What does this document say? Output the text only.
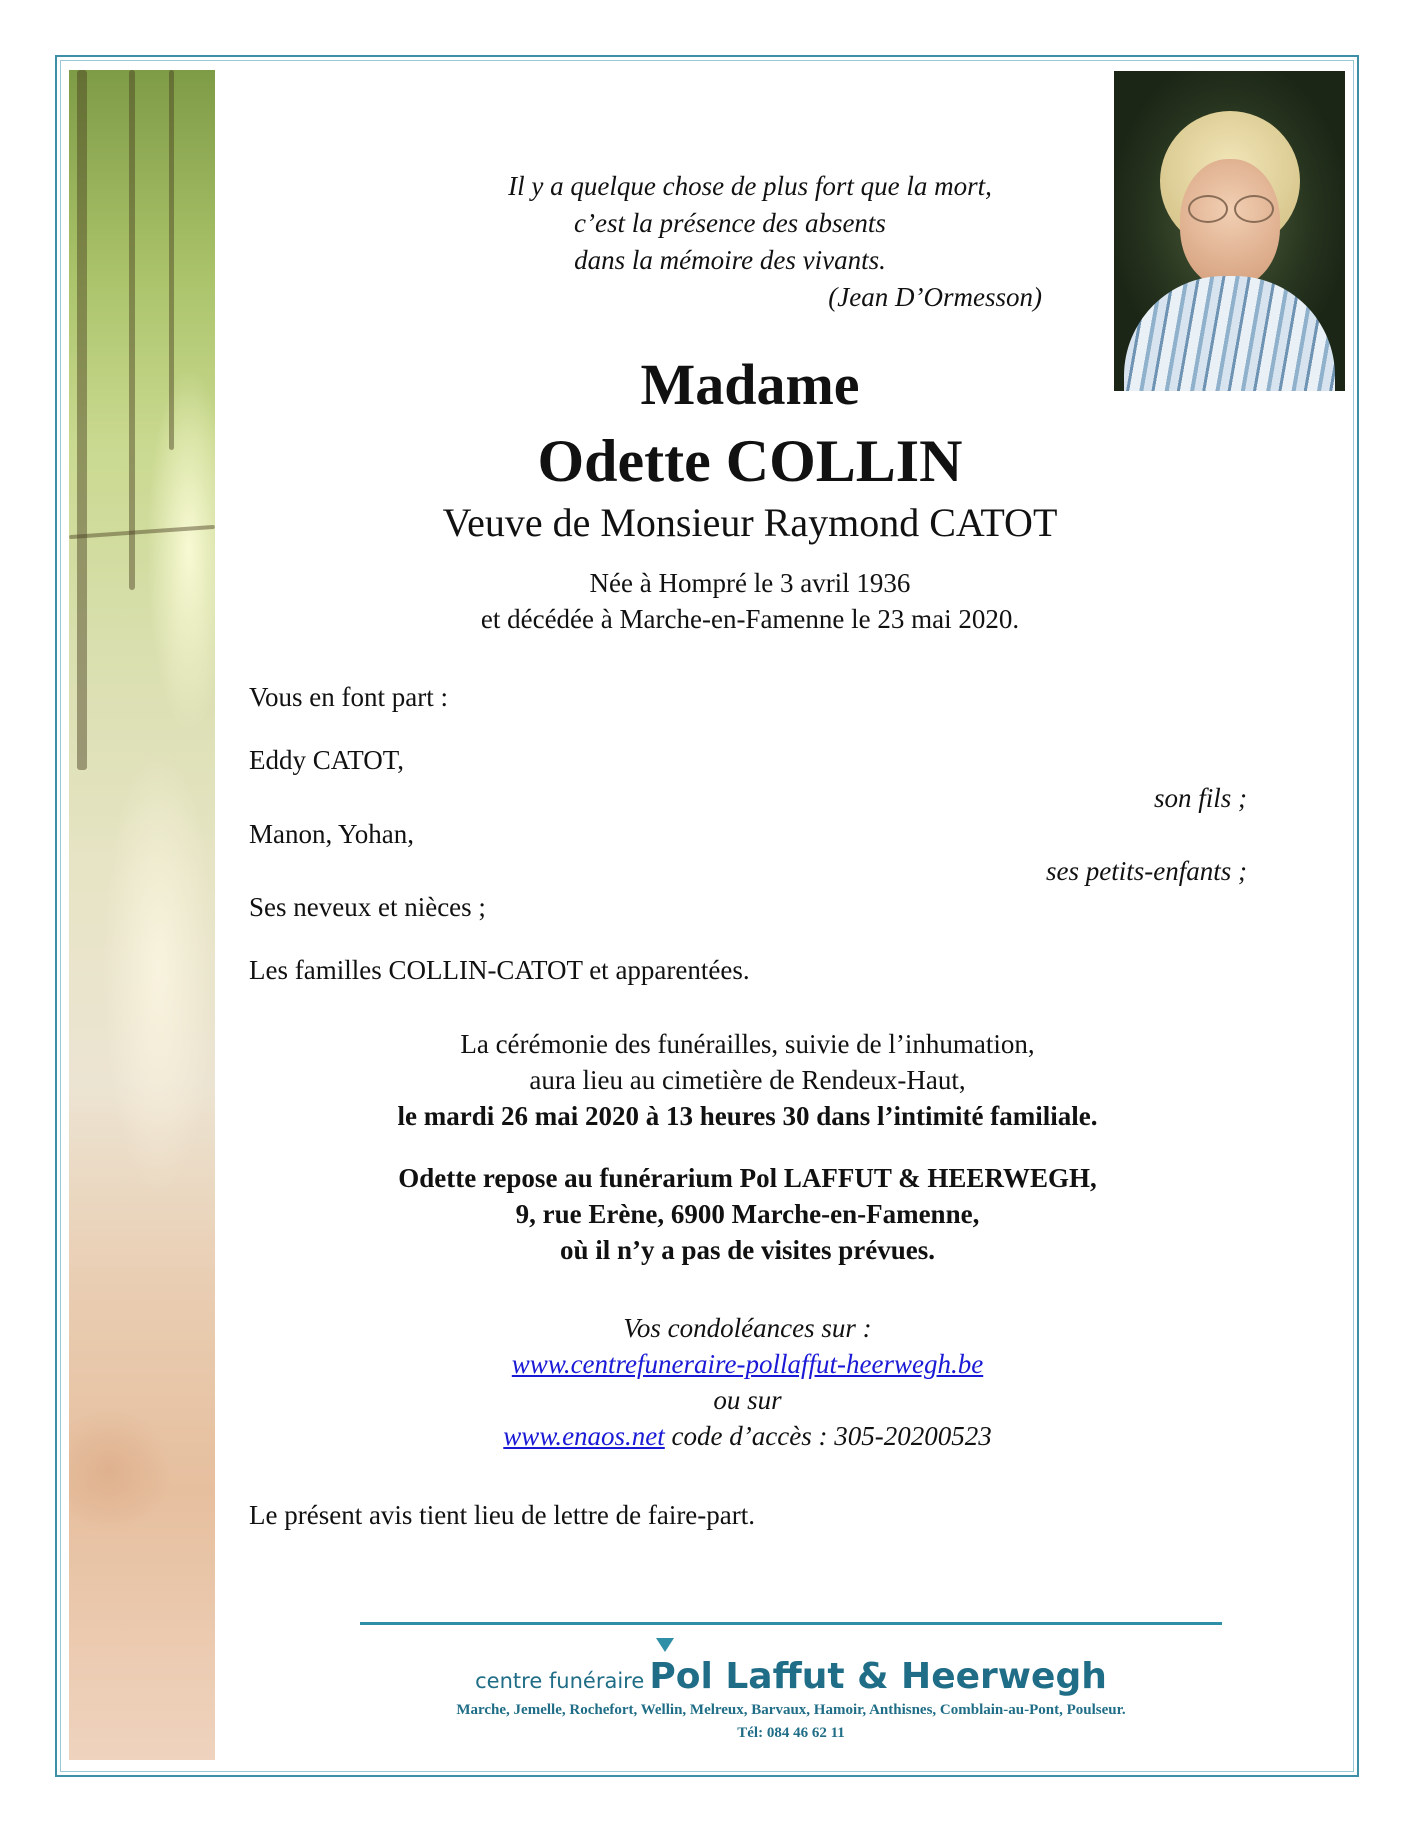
Il y a quelque chose de plus fort que la mort,
c’est la présence des absents
dans la mémoire des vivants.
(Jean D’Ormesson)
Madame
Odette COLLIN
Veuve de Monsieur Raymond CATOT
Née à Hompré le 3 avril 1936
et décédée à Marche-en-Famenne le 23 mai 2020.
Vous en font part :
Eddy CATOT,
son fils ;
Manon, Yohan,
ses petits-enfants ;
Ses neveux et nièces ;
Les familles COLLIN-CATOT et apparentées.
La cérémonie des funérailles, suivie de l’inhumation,
aura lieu au cimetière de Rendeux-Haut,
le mardi 26 mai 2020 à 13 heures 30 dans l’intimité familiale.
Odette repose au funérarium Pol LAFFUT & HEERWEGH,
9, rue Erène, 6900 Marche-en-Famenne,
où il n’y a pas de visites prévues.
Vos condoléances sur :
www.centrefuneraire-pollaffut-heerwegh.be
ou sur
www.enaos.net code d’accès : 305-20200523
Le présent avis tient lieu de lettre de faire-part.
centre funéraire Pol Laffut & Heerwegh
Marche, Jemelle, Rochefort, Wellin, Melreux, Barvaux, Hamoir, Anthisnes, Comblain-au-Pont, Poulseur.
Tél: 084 46 62 11
